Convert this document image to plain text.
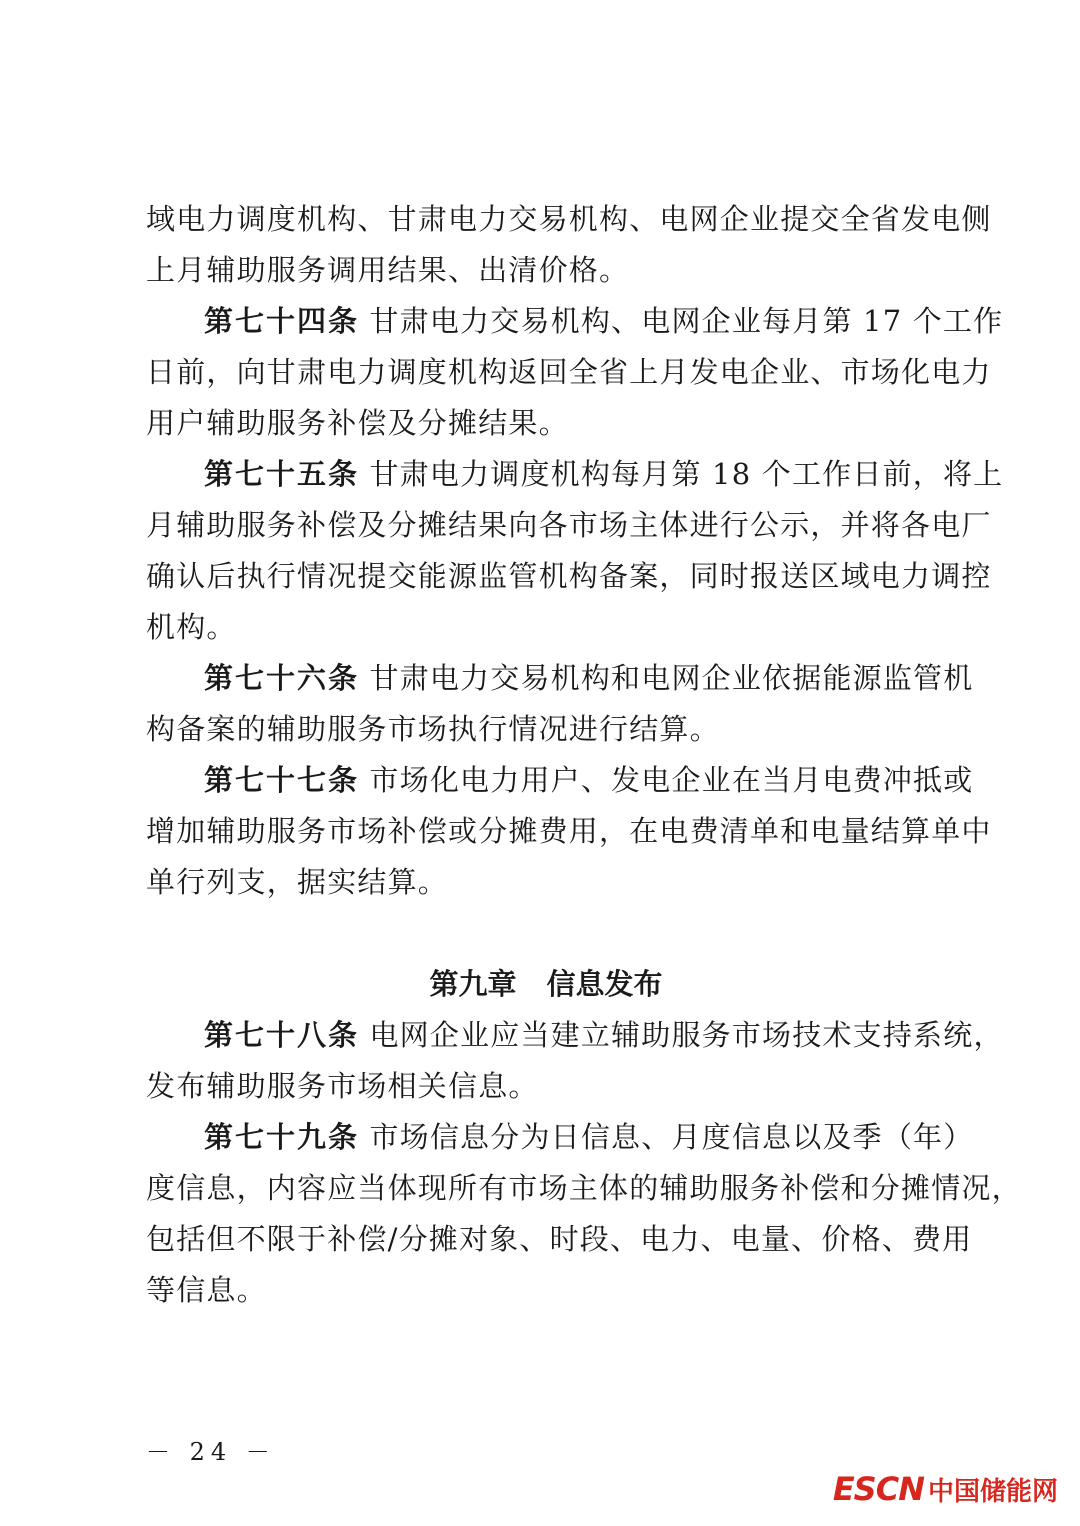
域电力调度机构、甘肃电力交易机构、电网企业提交全省发电侧
上月辅助服务调用结果、出清价格。
第七十四条 甘肃电力交易机构、电网企业每月第 17 个工作
日前，向甘肃电力调度机构返回全省上月发电企业、市场化电力
用户辅助服务补偿及分摊结果。
第七十五条 甘肃电力调度机构每月第 18 个工作日前，将上
月辅助服务补偿及分摊结果向各市场主体进行公示，并将各电厂
确认后执行情况提交能源监管机构备案，同时报送区域电力调控
机构。
第七十六条 甘肃电力交易机构和电网企业依据能源监管机
构备案的辅助服务市场执行情况进行结算。
第七十七条 市场化电力用户、发电企业在当月电费冲抵或
增加辅助服务市场补偿或分摊费用，在电费清单和电量结算单中
单行列支，据实结算。
第九章 信息发布
第七十八条 电网企业应当建立辅助服务市场技术支持系统，
发布辅助服务市场相关信息。
第七十九条 市场信息分为日信息、月度信息以及季（年）
度信息，内容应当体现所有市场主体的辅助服务补偿和分摊情况，
包括但不限于补偿/分摊对象、时段、电力、电量、价格、费用
等信息。
－ 24 －
ESCN 中国储能网
